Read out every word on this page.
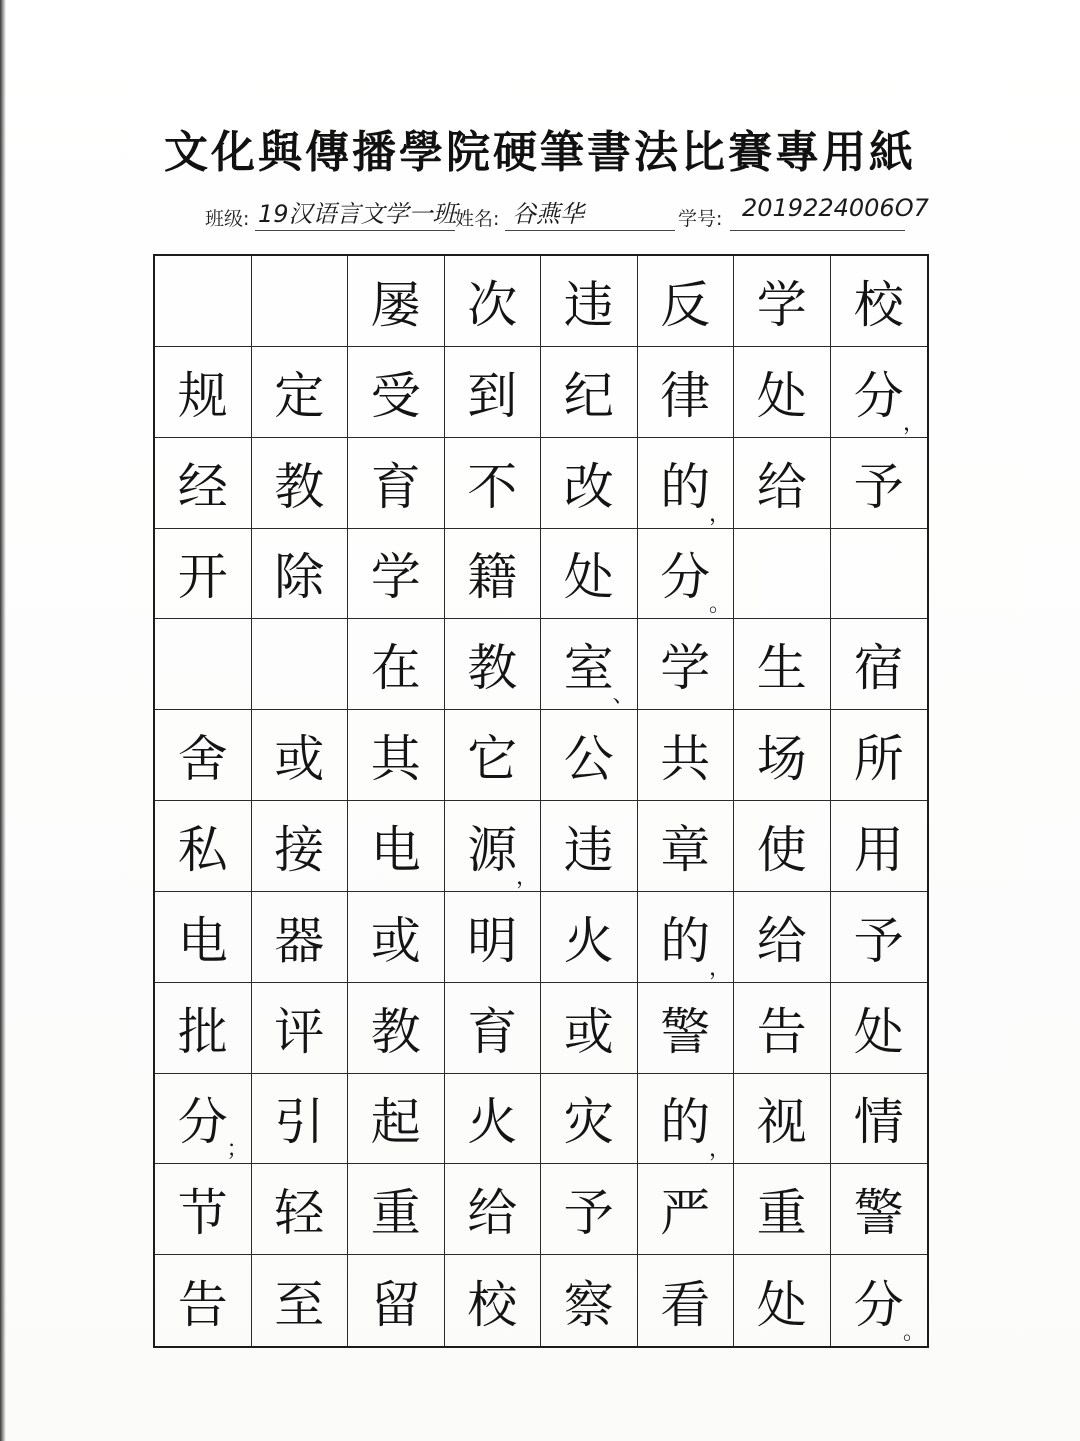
文化與傳播學院硬筆書法比賽專用紙
班级: 19汉语言文学一班
姓名: 谷燕华	学号: 2019224006O7
屡 次 违 反 学 校
规 定 受 到 纪 律 处 分 ，
经 教 育 不 改 的
， 给 予
开 除 学 籍 处 分
。
在 教 室
、 学 生 宿
舍 或 其 它 公 共 场 所
私 接 电 源
， 违 章 使 用
电 器 或 明 火 的
， 给 予
批 评 教 育 或 警 告 处
分
； 引 起 火 灾 的
， 视 情
节 轻 重 给 予 严 重 警
告 至 留 校 察 看 处 分 。
